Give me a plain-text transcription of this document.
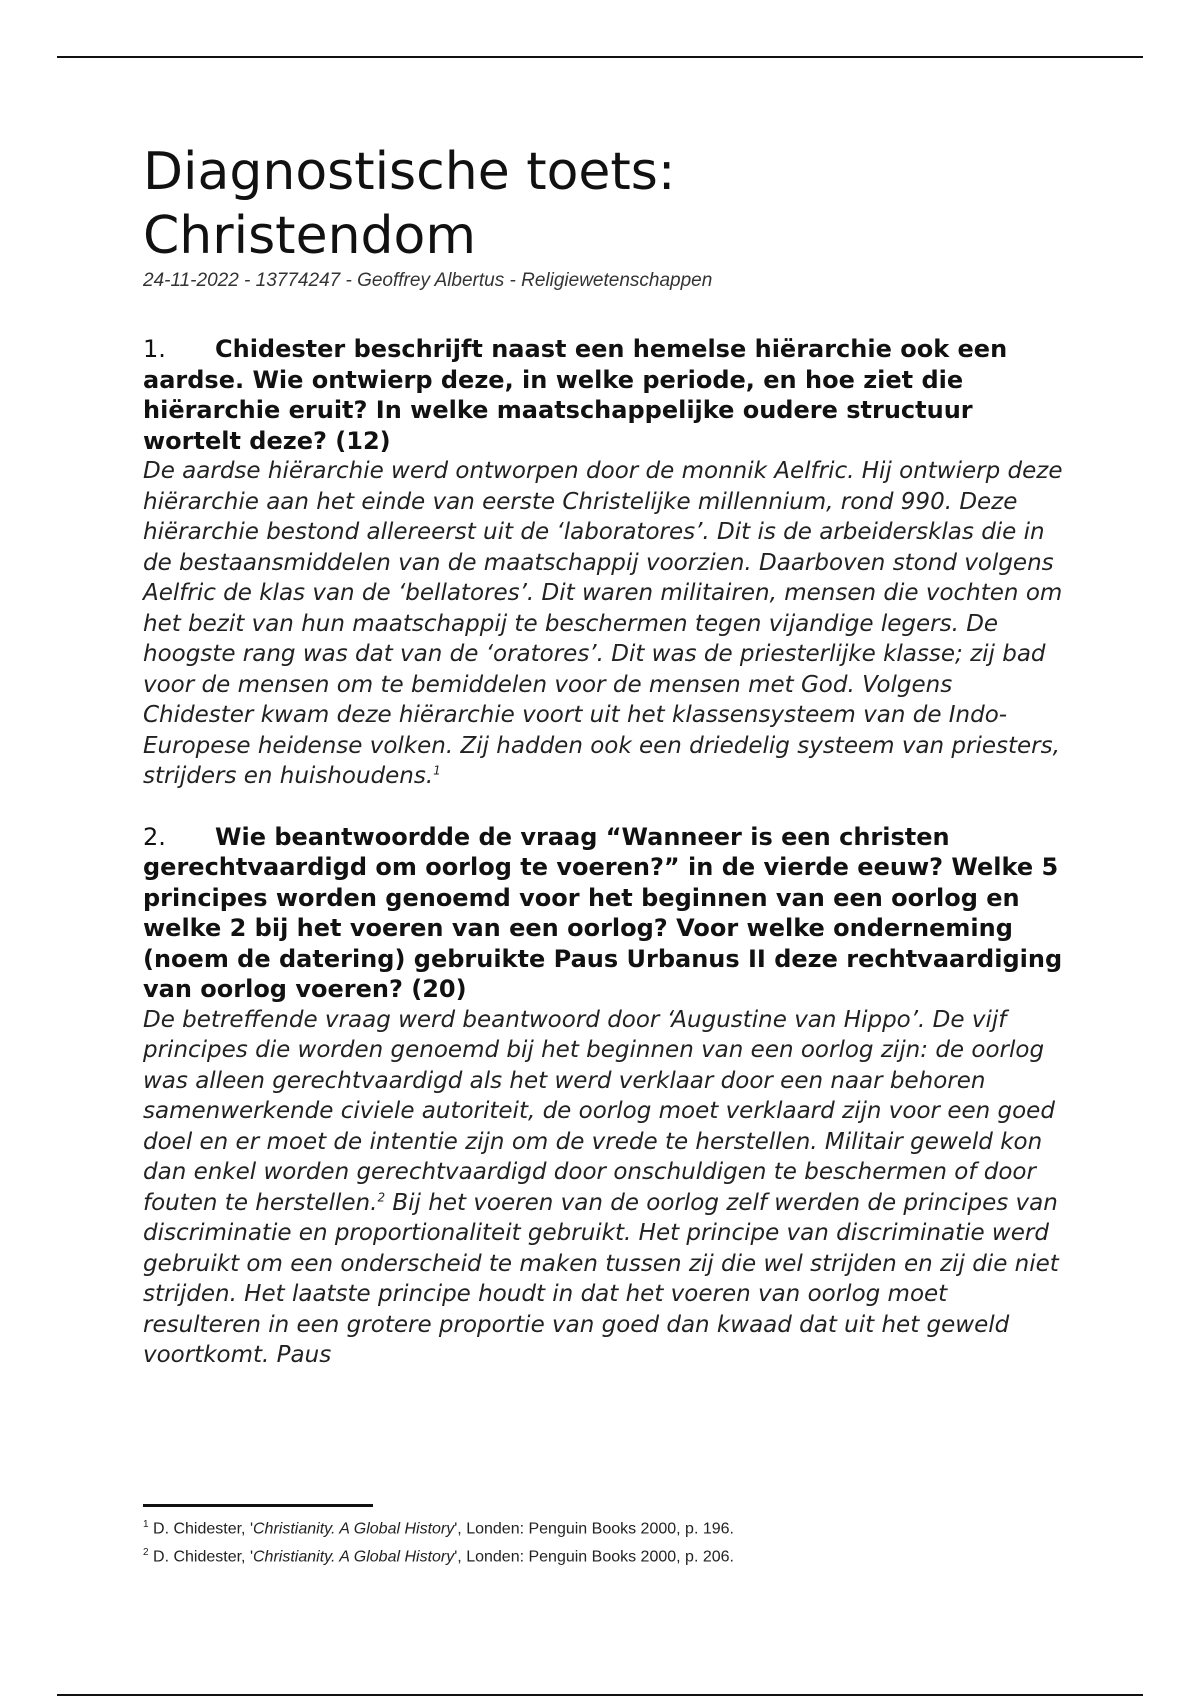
Diagnostische toets:
Christendom

24-11-2022 - 13774247 - Geoffrey Albertus - Religiewetenschappen

1. Chidester beschrijft naast een hemelse hiërarchie ook een aardse. Wie ontwierp deze, in welke periode, en hoe ziet die hiërarchie eruit? In welke maatschappelijke oudere structuur wortelt deze? (12)

De aardse hiërarchie werd ontworpen door de monnik Aelfric. Hij ontwierp deze hiërarchie aan het einde van eerste Christelijke millennium, rond 990. Deze hiërarchie bestond allereerst uit de ‘laboratores’. Dit is de arbeidersklas die in de bestaansmiddelen van de maatschappij voorzien. Daarboven stond volgens Aelfric de klas van de ‘bellatores’. Dit waren militairen, mensen die vochten om het bezit van hun maatschappij te beschermen tegen vijandige legers. De hoogste rang was dat van de ‘oratores’. Dit was de priesterlijke klasse; zij bad voor de mensen om te bemiddelen voor de mensen met God. Volgens Chidester kwam deze hiërarchie voort uit het klassensysteem van de Indo-Europese heidense volken. Zij hadden ook een driedelig systeem van priesters, strijders en huishoudens.$^1$

2. Wie beantwoordde de vraag “Wanneer is een christen gerechtvaardigd om oorlog te voeren?” in de vierde eeuw? Welke 5 principes worden genoemd voor het beginnen van een oorlog en welke 2 bij het voeren van een oorlog? Voor welke onderneming (noem de datering) gebruikte Paus Urbanus II deze rechtvaardiging van oorlog voeren? (20)

De betreffende vraag werd beantwoord door ‘Augustine van Hippo’. De vijf principes die worden genoemd bij het beginnen van een oorlog zijn: de oorlog was alleen gerechtvaardigd als het werd verklaar door een naar behoren samenwerkende civiele autoriteit, de oorlog moet verklaard zijn voor een goed doel en er moet de intentie zijn om de vrede te herstellen. Militair geweld kon dan enkel worden gerechtvaardigd door onschuldigen te beschermen of door fouten te herstellen.$^2$ Bij het voeren van de oorlog zelf werden de principes van discriminatie en proportionaliteit gebruikt. Het principe van discriminatie werd gebruikt om een onderscheid te maken tussen zij die wel strijden en zij die niet strijden. Het laatste principe houdt in dat het voeren van oorlog moet resulteren in een grotere proportie van goed dan kwaad dat uit het geweld voortkomt. Paus

$^1$ D. Chidester, 'Christianity. A Global History', Londen: Penguin Books 2000, p. 196.
$^2$ D. Chidester, 'Christianity. A Global History', Londen: Penguin Books 2000, p. 206.
